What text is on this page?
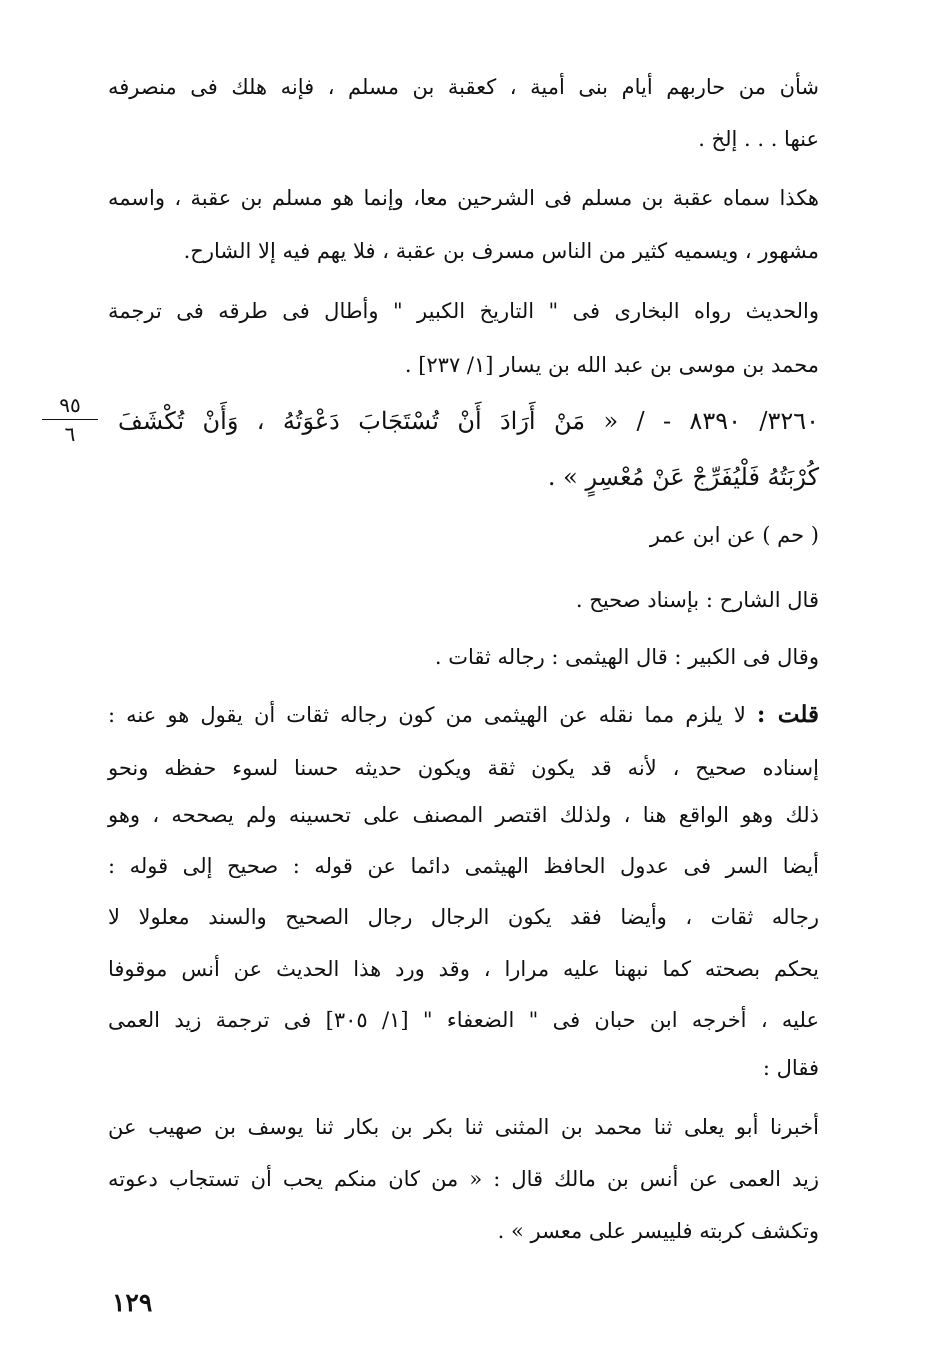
شأن من حاربهم أيام بنى أمية ، كعقبة بن مسلم ، فإنه هلك فى منصرفه
عنها . . . إلخ .
هكذا سماه عقبة بن مسلم فى الشرحين معا، وإنما هو مسلم بن عقبة ، واسمه
مشهور ، ويسميه كثير من الناس مسرف بن عقبة ، فلا يهم فيه إلا الشارح.
والحديث رواه البخارى فى " التاريخ الكبير " وأطال فى طرقه فى ترجمة
محمد بن موسى بن عبد الله بن يسار [١/ ٢٣٧] .
٣٢٦٠/ ٨٣٩٠ - / « مَنْ أَرَادَ أَنْ تُسْتَجَابَ دَعْوَتُهُ ، وَأَنْ تُكْشَفَ
كُرْبَتُهُ فَلْيُفَرِّجْ عَنْ مُعْسِرٍ » .
٩٥
٦
( حم ) عن ابن عمر
قال الشارح : بإسناد صحيح .
وقال فى الكبير : قال الهيثمى : رجاله ثقات .
قلت : لا يلزم مما نقله عن الهيثمى من كون رجاله ثقات أن يقول هو عنه :
إسناده صحيح ، لأنه قد يكون ثقة ويكون حديثه حسنا لسوء حفظه ونحو
ذلك وهو الواقع هنا ، ولذلك اقتصر المصنف على تحسينه ولم يصححه ، وهو
أيضا السر فى عدول الحافظ الهيثمى دائما عن قوله : صحيح إلى قوله :
رجاله ثقات ، وأيضا فقد يكون الرجال رجال الصحيح والسند معلولا لا
يحكم بصحته كما نبهنا عليه مرارا ، وقد ورد هذا الحديث عن أنس موقوفا
عليه ، أخرجه ابن حبان فى " الضعفاء " [١/ ٣٠٥] فى ترجمة زيد العمى
فقال :
أخبرنا أبو يعلى ثنا محمد بن المثنى ثنا بكر بن بكار ثنا يوسف بن صهيب عن
زيد العمى عن أنس بن مالك قال : « من كان منكم يحب أن تستجاب دعوته
وتكشف كربته فلييسر على معسر » .
١٢٩
